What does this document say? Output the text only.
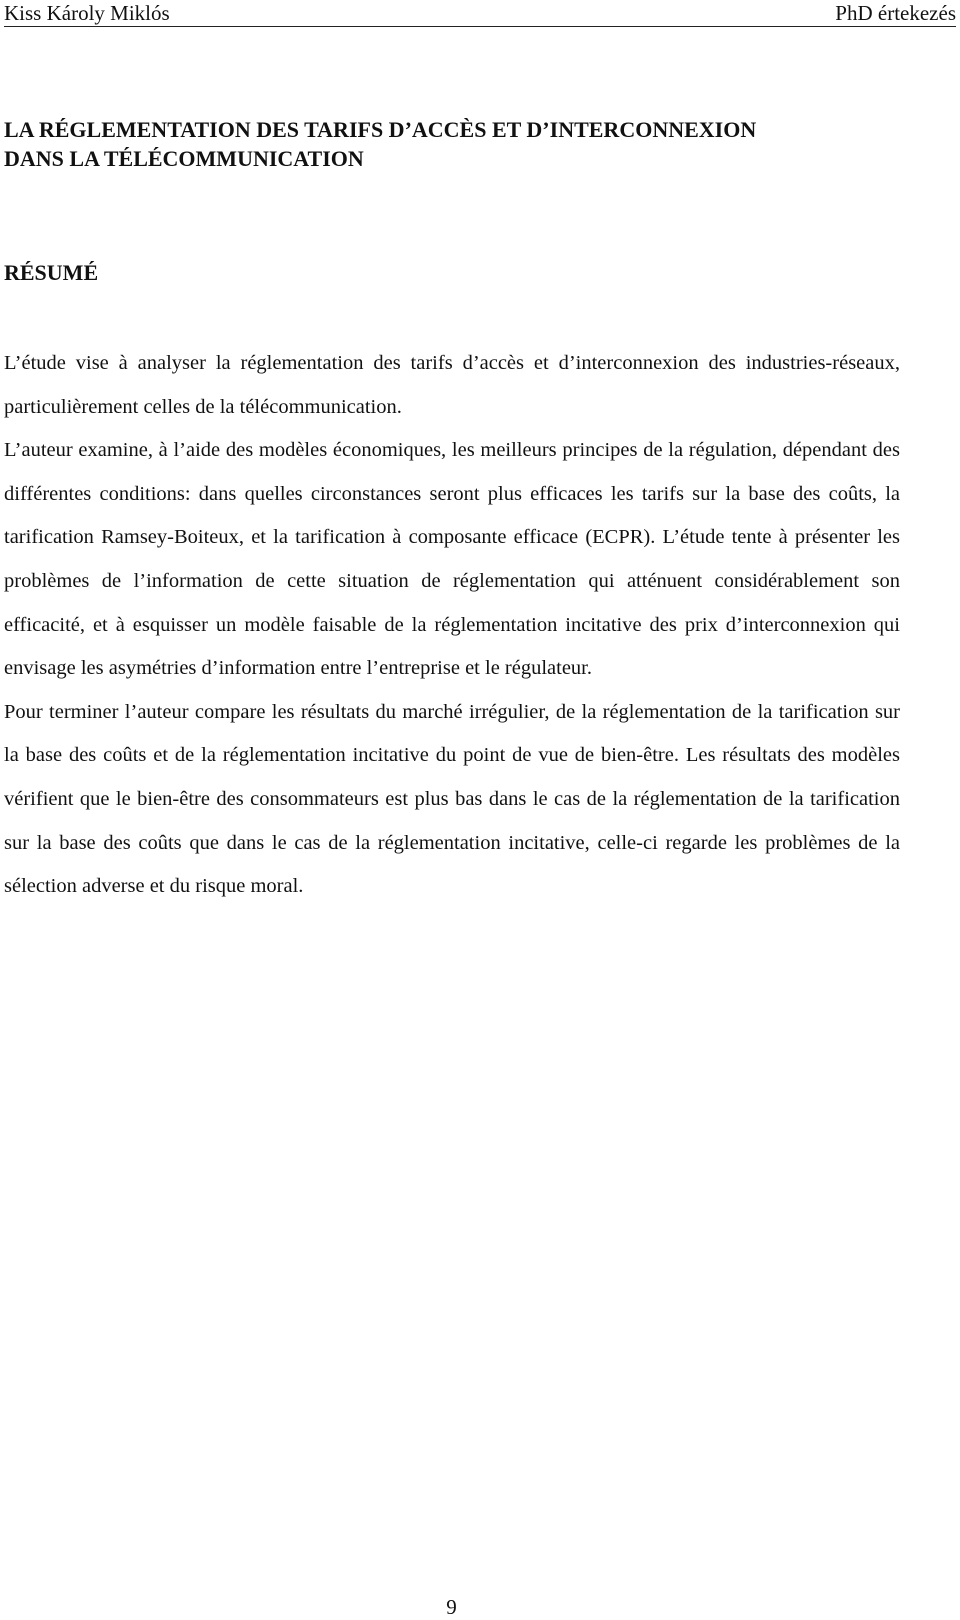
Kiss Károly Miklós	PhD értekezés
LA RÉGLEMENTATION DES TARIFS D’ACCÈS ET D’INTERCONNEXION
DANS LA TÉLÉCOMMUNICATION
RÉSUMÉ

L’étude vise à analyser la réglementation des tarifs d’accès et d’interconnexion des industries-réseaux, particulièrement celles de la télécommunication.

L’auteur examine, à l’aide des modèles économiques, les meilleurs principes de la régulation, dépendant des différentes conditions: dans quelles circonstances seront plus efficaces les tarifs sur la base des coûts, la tarification Ramsey-Boiteux, et la tarification à composante efficace (ECPR). L’étude tente à présenter les problèmes de l’information de cette situation de réglementation qui atténuent considérablement son efficacité, et à esquisser un modèle faisable de la réglementation incitative des prix d’interconnexion qui envisage les asymétries d’information entre l’entreprise et le régulateur.

Pour terminer l’auteur compare les résultats du marché irrégulier, de la réglementation de la tarification sur la base des coûts et de la réglementation incitative du point de vue de bien-être. Les résultats des modèles vérifient que le bien-être des consommateurs est plus bas dans le cas de la réglementation de la tarification sur la base des coûts que dans le cas de la réglementation incitative, celle-ci regarde les problèmes de la sélection adverse et du risque moral.

9
